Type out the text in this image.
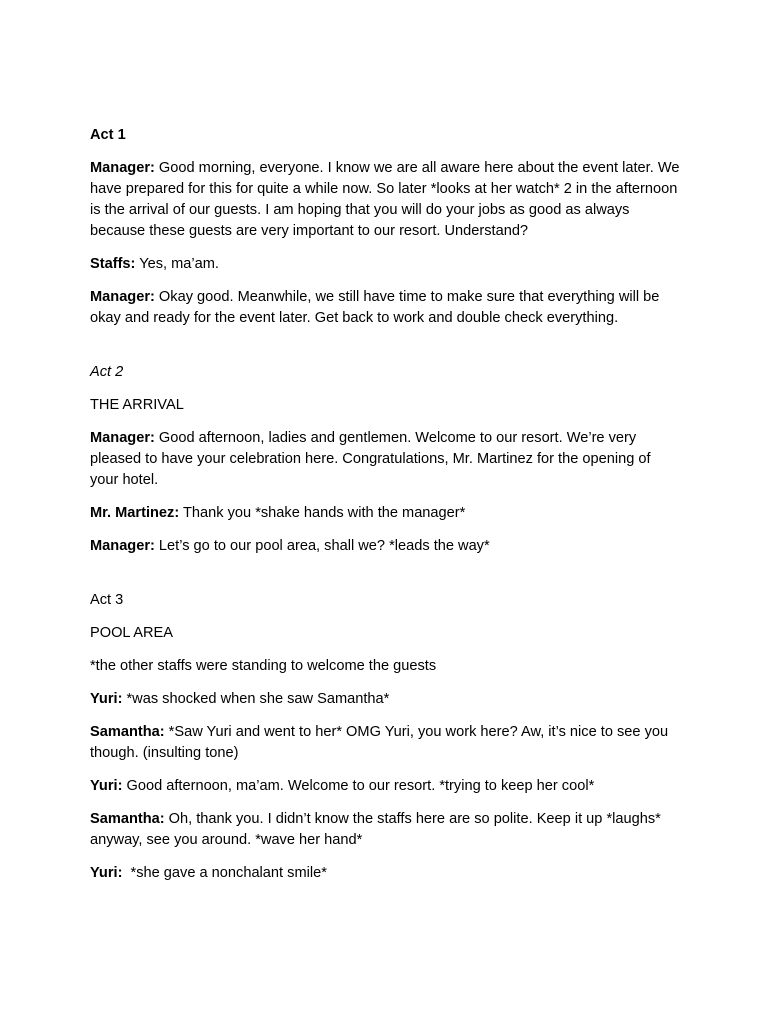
Act 1

Manager: Good morning, everyone. I know we are all aware here about the event later. We have prepared for this for quite a while now. So later *looks at her watch* 2 in the afternoon is the arrival of our guests. I am hoping that you will do your jobs as good as always because these guests are very important to our resort. Understand?

Staffs: Yes, ma’am.

Manager: Okay good. Meanwhile, we still have time to make sure that everything will be okay and ready for the event later. Get back to work and double check everything.

Act 2

THE ARRIVAL

Manager: Good afternoon, ladies and gentlemen. Welcome to our resort. We’re very pleased to have your celebration here. Congratulations, Mr. Martinez for the opening of your hotel.

Mr. Martinez: Thank you *shake hands with the manager*

Manager: Let’s go to our pool area, shall we? *leads the way*

Act 3

POOL AREA

*the other staffs were standing to welcome the guests

Yuri: *was shocked when she saw Samantha*

Samantha: *Saw Yuri and went to her* OMG Yuri, you work here? Aw, it’s nice to see you though. (insulting tone)

Yuri: Good afternoon, ma’am. Welcome to our resort. *trying to keep her cool*

Samantha: Oh, thank you. I didn’t know the staffs here are so polite. Keep it up *laughs* anyway, see you around. *wave her hand*

Yuri:  *she gave a nonchalant smile*
